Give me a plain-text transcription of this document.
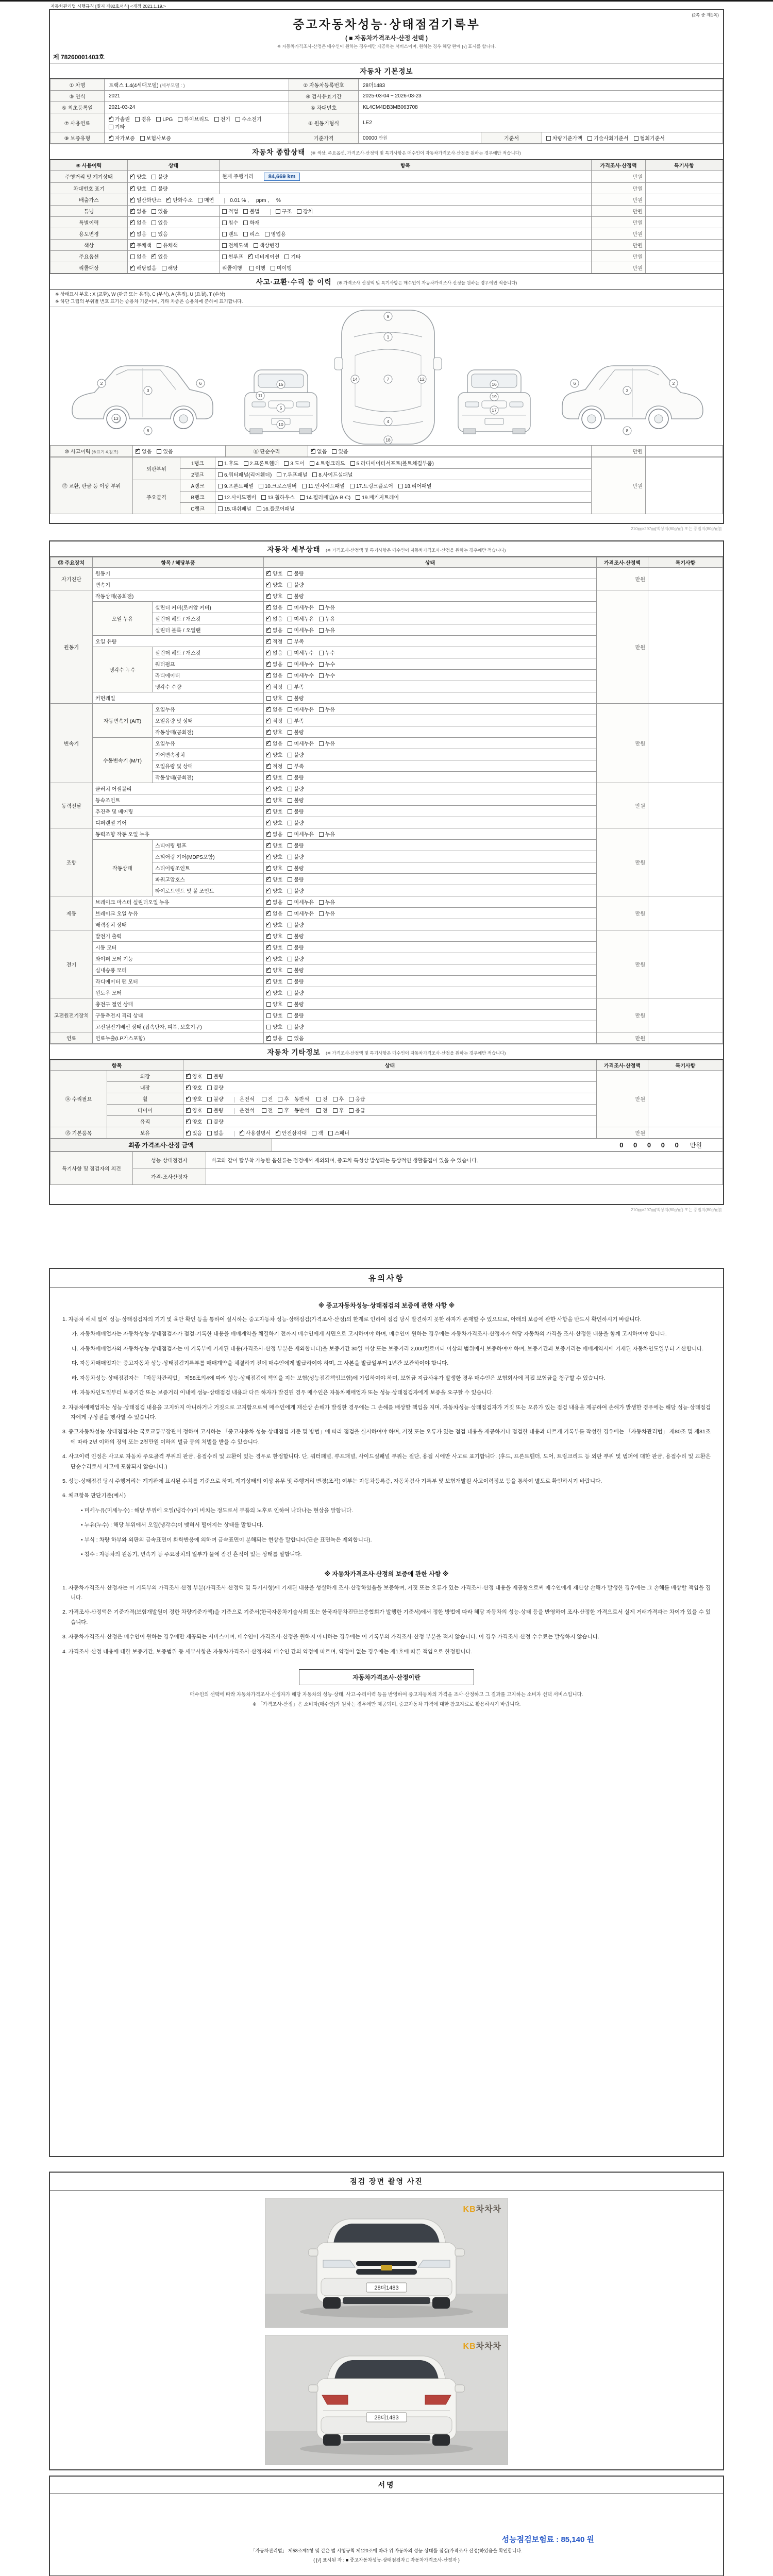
자동차관리법 시행규칙 [별지 제82호서식] <개정 2021.1.19.>
210㎜×297㎜[백상지(80g/㎡) 또는 중질지(80g/㎡)]
210㎜×297㎜[백상지(80g/㎡) 또는 중질지(80g/㎡)]
(2쪽 중 제1쪽)
중고자동차성능·상태점검기록부
( ■ 자동차가격조사·산정 선택 )
※ 자동차가격조사·산정은 매수인이 원하는 경우에만 제공하는 서비스이며, 원하는 경우 해당 란에 [√] 표시를 합니다.
제 78260001403호
자동차 기본정보
① 차명	트랙스 1.4(4세대모델) (세부모델 : )	② 자동차등록번호	28더1483		
③ 연식	2021	④ 검사유효기간	2025-03-04 ~ 2026-03-23		
⑤ 최초등록일	2021-03-24	⑥ 차대번호	KL4CM4DB3MB063708		
⑦ 사용연료	✓가솔린 경유 LPG 하이브리드 전기 수소전기기타	⑧ 원동기형식	LE2		
⑨ 보증유형	✓자가보증 보험사보증	기준가격	00000 만원	기준서	차량기준가액 기술사회기준서 협회기준서
자동차 종합상태 (※ 색상, 주요옵션, 가격조사·산정액 및 특기사항은 매수인이 자동차가격조사·산정을 원하는 경우에만 적습니다)
⑨ 사용이력	상태	항목	가격조사·산정액	특기사항
주행거리 및 계기상태	✓양호 불량	현재 주행거리 84,669 km	만원	
차대번호 표기	✓양호 불량		만원	
배출가스	✓일산화탄소 ✓ 탄화수소 매연 0.01 % , ppm , %		만원	
튜닝	✓없음 있음	적법 불법 구조 장치	만원	
특별이력	✓없음 있음	침수 화재	만원	
용도변경	✓없음 있음	렌트 리스 영업용	만원	
색상	✓무채색 유채색	전체도색 색상변경	만원	
주요옵션	없음 ✓ 있음	썬루프 ✓ 네비게이션 기타	만원	
리콜대상	✓해당없음 해당	리콜이행 이행 미이행	만원	
사고·교환·수리 등 이력 (※ 가격조사·산정액 및 특기사항은 매수인이 자동차가격조사·산정을 원하는 경우에만 적습니다)
※ 상태표시 부호 : X (교환), W (판금 또는 용접), C (부식), A (흠집), U (요철), T (손상)
※ 하단 그림의 부위별 번호 표기는 승용차 기준이며, 기타 차종은 승용차에 준하여 표기합니다.
2
3
6
8
13
15
11
5
10
9
1
7
4
18
14	12
16
19
17
2
3
6
8
⑩ 사고이력 (※표기 4.참조)	✓없음 있음	⑪ 단순수리	✓없음 있음	만원	
⑫ 교환, 판금 등 이상 부위	외판부위	1랭크	1.후드 2.프론트휀더 3.도어 4.트렁크리드 5.라디에이터서포트(볼트체결부품)	만원	
		2랭크	6.쿼터패널(리어휀더) 7.루프패널 8.사이드실패널		
	주요골격	A랭크	9.프론트패널 10.크로스멤버 11.인사이드패널 17.트렁크플로어 18.리어패널		
		B랭크	12.사이드멤버 13.휠하우스 14.필러패널(A·B·C) 19.패키지트레이		
		C랭크	15.대쉬패널 16.플로어패널		
자동차 세부상태 (※ 가격조사·산정액 및 특기사항은 매수인이 자동차가격조사·산정을 원하는 경우에만 적습니다)
⑬ 주요장치	항목 / 해당부품		상태	가격조사·산정액	특기사항
자기진단	원동기	✓양호 불량	만원	
	변속기	✓양호 불량
원동기	작동상태(공회전)	✓양호 불량	만원	
	오일 누유	실린더 커버(로커암 커버)	✓없음 미세누유 누유
		실린더 헤드 / 개스킷	✓없음 미세누유 누유
		실린더 블록 / 오일팬	✓없음 미세누유 누유
	오일 유량	✓적정 부족
	냉각수 누수	실린더 헤드 / 개스킷	✓없음 미세누수 누수
		워터펌프	✓없음 미세누수 누수
		라디에이터	✓없음 미세누수 누수
		냉각수 수량	✓적정 부족
	커먼레일		양호 불량		
변속기	자동변속기 (A/T)	오일누유	✓없음 미세누유 누유	만원	
		오일유량 및 상태	✓적정 부족
		작동상태(공회전)	✓양호 불량
	수동변속기 (M/T)	오일누유	✓없음 미세누유 누유
		기어변속장치	✓양호 불량
		오일유량 및 상태	✓적정 부족
		작동상태(공회전)	✓양호 불량
동력전달	클러치 어셈블리	✓양호 불량	만원	
	등속조인트	✓양호 불량
	추진축 및 베어링	✓양호 불량
	디퍼렌셜 기어	✓양호 불량
조향	동력조향 작동 오일 누유	✓없음 미세누유 누유	만원	
	작동상태	스티어링 펌프	✓양호 불량
		스티어링 기어(MDPS포함)	✓양호 불량
		스티어링조인트	✓양호 불량
		파워고압호스	✓양호 불량
		타이로드엔드 및 볼 조인트	✓양호 불량
제동	브레이크 마스터 실린더오일 누유	✓없음 미세누유 누유	만원	
	브레이크 오일 누유	✓없음 미세누유 누유
	배력장치 상태	✓양호 불량
전기	발전기 출력	✓양호 불량	만원	
	시동 모터	✓양호 불량
	와이퍼 모터 기능	✓양호 불량
	실내송풍 모터	✓양호 불량
	라디에이터 팬 모터	✓양호 불량
	윈도우 모터	✓양호 불량
고전원전기장치	충전구 절연 상태		양호 불량	만원	
	구동축전지 격리 상태		양호 불량		
	고전원전기배선 상태 (접속단자, 피복, 보호기구)		양호 불량		
연료	연료누출(LP가스포함)	✓없음 있음	만원	
자동차 기타정보 (※ 가격조사·산정액 및 특기사항은 매수인이 자동차가격조사·산정을 원하는 경우에만 적습니다)
항목		상태	가격조사·산정액	특기사항
⑭ 수리필요	외장	✓양호 불량	만원	
	내장	✓양호 불량
	휠	✓양호 불량 운전석 전 후 동반석 전 후 응급
	타이어	✓양호 불량 운전석 전 후 동반석 전 후 응급
	유리	✓양호 불량
⑮ 기본품목	보유	✓있음 없음 ✓ 사용설명서 ✓ 안전삼각대 잭 스패너	만원	
최종 가격조사·산정 금액	0 0 0 0 0 만원
특기사항 및 점검자의 의견	성능·상태점검자	비고와 같이 탈부착 가능한 옵션류는 점검에서 제외되며, 중고차 특성상 발생되는 통상적인 생활흠집이 있을 수 있습니다.
	가격·조사산정자	
유의사항
※ 중고자동차성능·상태점검의 보증에 관한 사항 ※
1. 자동차 해체 없이 성능·상태점검자의 기기 및 육안 확인 등을 통하여 실시하는 중고자동차 성능·상태점검(가격조사·산정)의 한계로 인하여 점검 당시 발견하지 못한 하자가 존재할 수 있으므로, 아래의 보증에 관한 사항을 반드시 확인하시기 바랍니다.
가. 자동차매매업자는 자동차성능·상태점검자가 점검·기록한 내용을 매매계약을 체결하기 전까지 매수인에게 서면으로 고지하여야 하며, 매수인이 원하는 경우에는 자동차가격조사·산정자가 해당 자동차의 가격을 조사·산정한 내용을 함께 고지하여야 합니다.
나. 자동차매매업자와 자동차성능·상태점검자는 이 기록부에 기재된 내용(가격조사·산정 부분은 제외합니다)을 보증기간 30일 이상 또는 보증거리 2,000킬로미터 이상의 범위에서 보증하여야 하며, 보증기간과 보증거리는 매매계약서에 기재된 자동차인도일부터 기산합니다.
다. 자동차매매업자는 중고자동차 성능·상태점검기록부를 매매계약을 체결하기 전에 매수인에게 발급하여야 하며, 그 사본을 발급일부터 1년간 보관하여야 합니다.
라. 자동차성능·상태점검자는 「자동차관리법」 제58조의4에 따라 성능·상태점검에 책임을 지는 보험(성능점검책임보험)에 가입하여야 하며, 보험금 지급사유가 발생한 경우 매수인은 보험회사에 직접 보험금을 청구할 수 있습니다.
마. 자동차인도일부터 보증기간 또는 보증거리 이내에 성능·상태점검 내용과 다른 하자가 발견된 경우 매수인은 자동차매매업자 또는 성능·상태점검자에게 보증을 요구할 수 있습니다.
2. 자동차매매업자는 성능·상태점검 내용을 고지하지 아니하거나 거짓으로 고지함으로써 매수인에게 재산상 손해가 발생한 경우에는 그 손해를 배상할 책임을 지며, 자동차성능·상태점검자가 거짓 또는 오류가 있는 점검 내용을 제공하여 손해가 발생한 경우에는 해당 성능·상태점검자에게 구상권을 행사할 수 있습니다.
3. 중고자동차성능·상태점검자는 국토교통부장관이 정하여 고시하는 「중고자동차 성능·상태점검 기준 및 방법」에 따라 점검을 실시하여야 하며, 거짓 또는 오류가 있는 점검 내용을 제공하거나 점검한 내용과 다르게 기록부를 작성한 경우에는 「자동차관리법」 제80조 및 제81조에 따라 2년 이하의 징역 또는 2천만원 이하의 벌금 등의 처벌을 받을 수 있습니다.
4. 사고이력 인정은 사고로 자동차 주요골격 부위의 판금, 용접수리 및 교환이 있는 경우로 한정합니다. 단, 쿼터패널, 루프패널, 사이드실패널 부위는 절단, 용접 시에만 사고로 표기합니다. (후드, 프론트휀더, 도어, 트렁크리드 등 외판 부위 및 범퍼에 대한 판금, 용접수리 및 교환은 단순수리로서 사고에 포함되지 않습니다.)
5. 성능·상태점검 당시 주행거리는 계기판에 표시된 수치를 기준으로 하며, 계기상태의 이상 유무 및 주행거리 변경(조작) 여부는 자동차등록증, 자동차검사 기록부 및 보험개발원 사고이력정보 등을 통하여 별도로 확인하시기 바랍니다.
6. 체크항목 판단기준(예시)
• 미세누유(미세누수) : 해당 부위에 오일(냉각수)이 비치는 정도로서 부품의 노후로 인하여 나타나는 현상을 말합니다.
• 누유(누수) : 해당 부위에서 오일(냉각수)이 맺혀서 떨어지는 상태를 말합니다.
• 부식 : 차량 하부와 외판의 금속표면이 화학반응에 의하여 금속표면이 분해되는 현상을 말합니다(단순 표면녹은 제외합니다).
• 침수 : 자동차의 원동기, 변속기 등 주요장치의 일부가 물에 잠긴 흔적이 있는 상태를 말합니다.
※ 자동차가격조사·산정의 보증에 관한 사항 ※
1. 자동차가격조사·산정자는 이 기록부의 가격조사·산정 부분(가격조사·산정액 및 특기사항)에 기재된 내용을 성실하게 조사·산정하였음을 보증하며, 거짓 또는 오류가 있는 가격조사·산정 내용을 제공함으로써 매수인에게 재산상 손해가 발생한 경우에는 그 손해를 배상할 책임을 집니다.
2. 가격조사·산정액은 기준가격(보험개발원이 정한 차량기준가액)을 기준으로 기준서(한국자동차기술사회 또는 한국자동차진단보증협회가 발행한 기준서)에서 정한 방법에 따라 해당 자동차의 성능·상태 등을 반영하여 조사·산정한 가격으로서 실제 거래가격과는 차이가 있을 수 있습니다.
3. 자동차가격조사·산정은 매수인이 원하는 경우에만 제공되는 서비스이며, 매수인이 가격조사·산정을 원하지 아니하는 경우에는 이 기록부의 가격조사·산정 부분을 적지 않습니다. 이 경우 가격조사·산정 수수료는 발생하지 않습니다.
4. 가격조사·산정 내용에 대한 보증기간, 보증범위 등 세부사항은 자동차가격조사·산정자와 매수인 간의 약정에 따르며, 약정이 없는 경우에는 제1호에 따른 책임으로 한정합니다.
자동차가격조사·산정이란
매수인의 선택에 따라 자동차가격조사·산정자가 해당 자동차의 성능·상태, 사고·수리이력 등을 반영하여 중고자동차의 가격을 조사·산정하고 그 결과를 고지하는 소비자 선택 서비스입니다.
※ 「가격조사·산정」은 소비자(매수인)가 원하는 경우에만 제공되며, 중고자동차 가격에 대한 참고자료로 활용하시기 바랍니다.
점검 장면 촬영 사진
28더1483
KB차차차
28더1483
KB차차차
서명
성능점검보험료 : 85,140 원
「자동차관리법」 제58조제1항 및 같은 법 시행규칙 제120조에 따라 위 자동차의 성능·상태를 점검(가격조사·산정)하였음을 확인합니다.
( [√] 표시된 자 : ■ 중고자동차성능·상태점검자 □ 자동차가격조사·산정자 )
